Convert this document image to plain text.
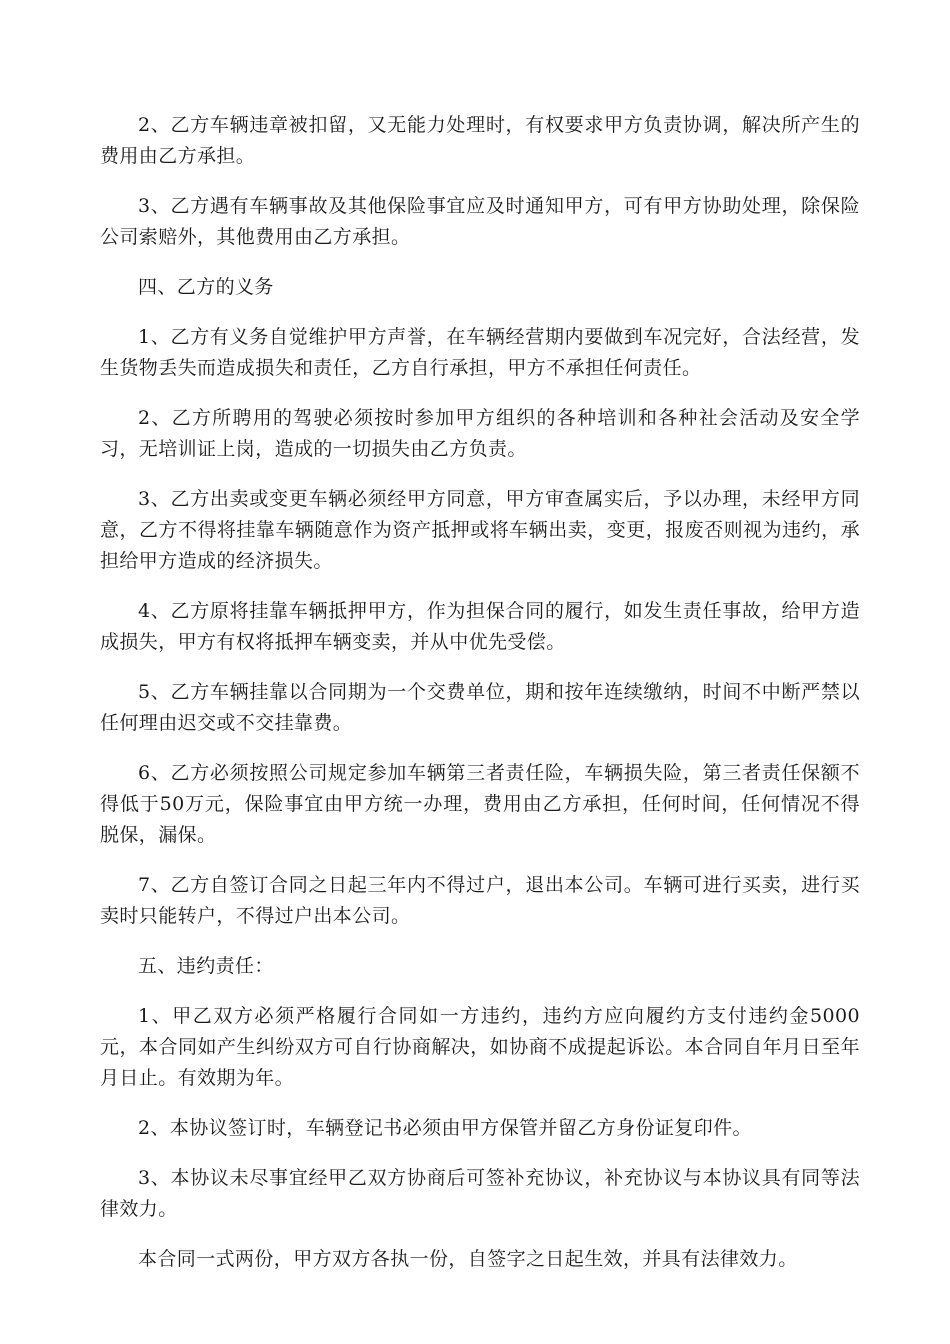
2、乙方车辆违章被扣留，又无能力处理时，有权要求甲方负责协调，解决所产生的费用由乙方承担。

3、乙方遇有车辆事故及其他保险事宜应及时通知甲方，可有甲方协助处理，除保险公司索赔外，其他费用由乙方承担。

四、乙方的义务

1、乙方有义务自觉维护甲方声誉，在车辆经营期内要做到车况完好，合法经营，发生货物丢失而造成损失和责任，乙方自行承担，甲方不承担任何责任。

2、乙方所聘用的驾驶必须按时参加甲方组织的各种培训和各种社会活动及安全学习，无培训证上岗，造成的一切损失由乙方负责。

3、乙方出卖或变更车辆必须经甲方同意，甲方审查属实后，予以办理，未经甲方同意，乙方不得将挂靠车辆随意作为资产抵押或将车辆出卖，变更，报废否则视为违约，承担给甲方造成的经济损失。

4、乙方原将挂靠车辆抵押甲方，作为担保合同的履行，如发生责任事故，给甲方造成损失，甲方有权将抵押车辆变卖，并从中优先受偿。

5、乙方车辆挂靠以合同期为一个交费单位，期和按年连续缴纳，时间不中断严禁以任何理由迟交或不交挂靠费。

6、乙方必须按照公司规定参加车辆第三者责任险，车辆损失险，第三者责任保额不得低于50万元，保险事宜由甲方统一办理，费用由乙方承担，任何时间，任何情况不得脱保，漏保。

7、乙方自签订合同之日起三年内不得过户，退出本公司。车辆可进行买卖，进行买卖时只能转户，不得过户出本公司。

五、违约责任：

1、甲乙双方必须严格履行合同如一方违约，违约方应向履约方支付违约金5000元，本合同如产生纠纷双方可自行协商解决，如协商不成提起诉讼。本合同自年月日至年月日止。有效期为年。

2、本协议签订时，车辆登记书必须由甲方保管并留乙方身份证复印件。

3、本协议未尽事宜经甲乙双方协商后可签补充协议，补充协议与本协议具有同等法律效力。

本合同一式两份，甲方双方各执一份，自签字之日起生效，并具有法律效力。
